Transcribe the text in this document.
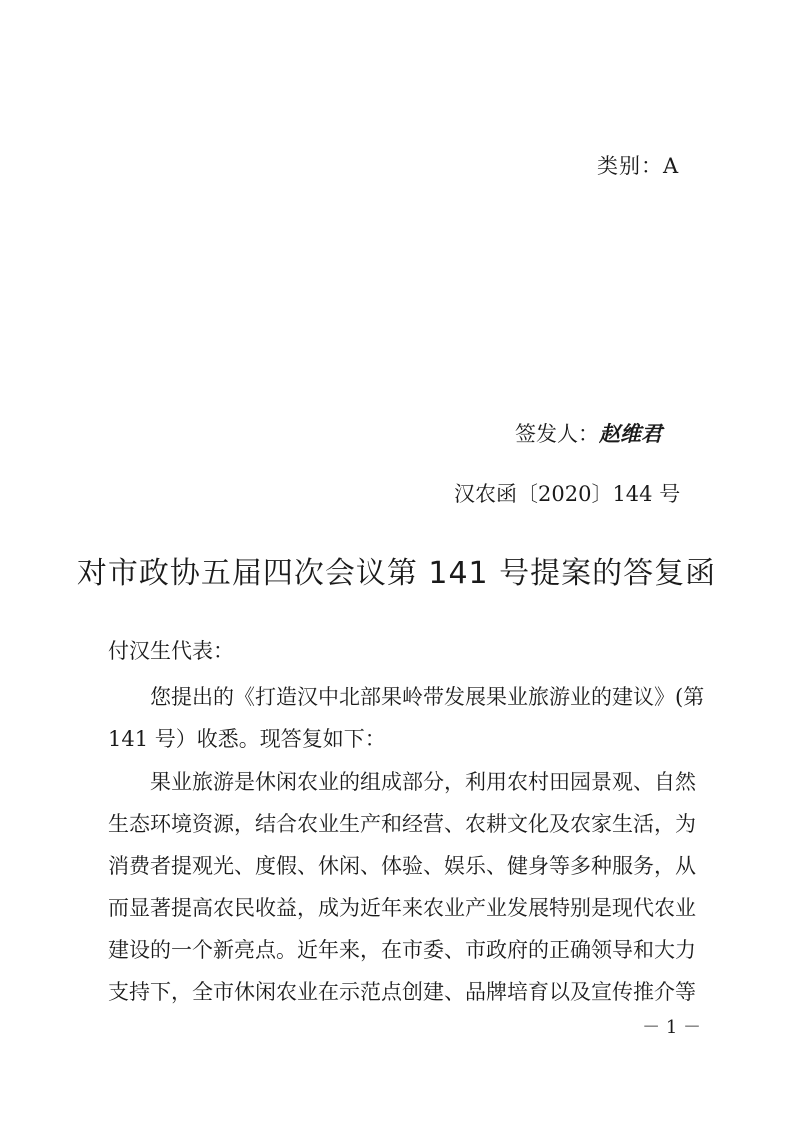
类别：A
签发人：赵维君
汉农函〔2020〕144 号
对市政协五届四次会议第 141 号提案的答复函
付汉生代表：
您提出的《打造汉中北部果岭带发展果业旅游业的建议》(第
141 号）收悉。现答复如下：
果业旅游是休闲农业的组成部分，利用农村田园景观、自然
生态环境资源，结合农业生产和经营、农耕文化及农家生活，为
消费者提观光、度假、休闲、体验、娱乐、健身等多种服务，从
而显著提高农民收益，成为近年来农业产业发展特别是现代农业
建设的一个新亮点。近年来，在市委、市政府的正确领导和大力
支持下，全市休闲农业在示范点创建、品牌培育以及宣传推介等
－ 1 －
